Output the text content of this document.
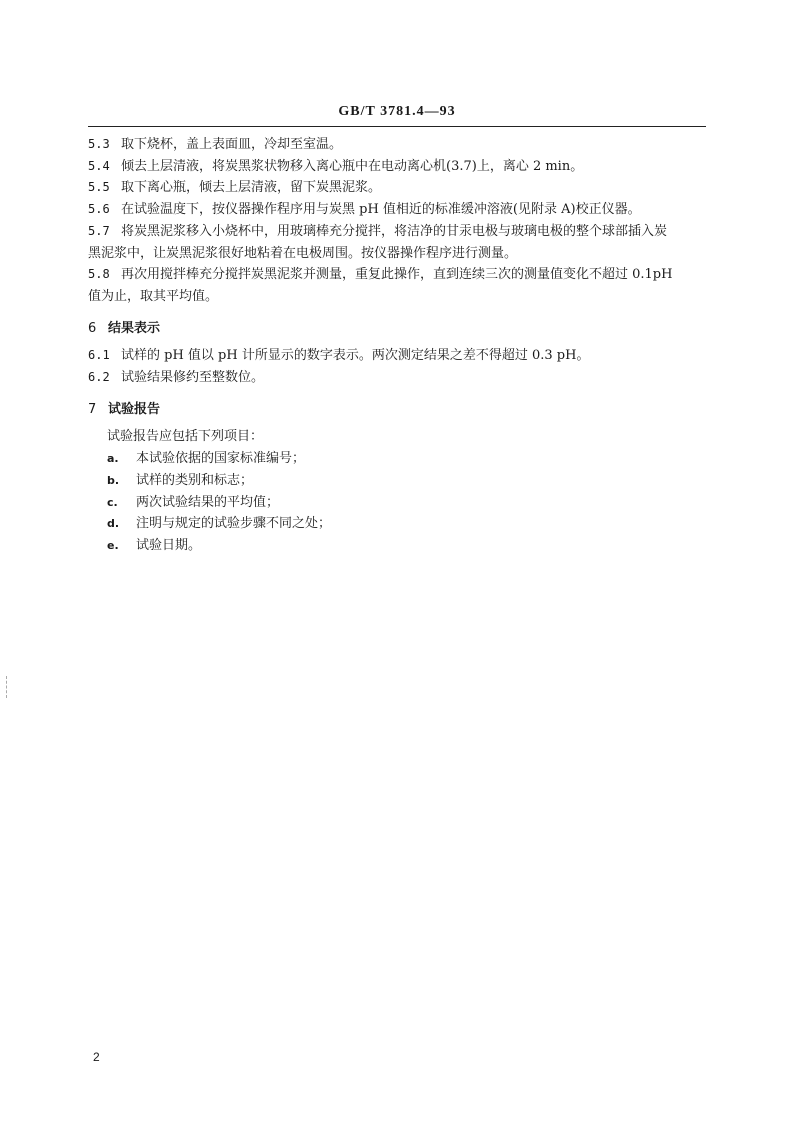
GB/T 3781.4—93

5.3 取下烧杯，盖上表面皿，冷却至室温。

5.4 倾去上层清液，将炭黑浆状物移入离心瓶中在电动离心机(3.7)上，离心 2 min。

5.5 取下离心瓶，倾去上层清液，留下炭黑泥浆。

5.6 在试验温度下，按仪器操作程序用与炭黑 pH 值相近的标准缓冲溶液(见附录 A)校正仪器。

5.7 将炭黑泥浆移入小烧杯中，用玻璃棒充分搅拌，将洁净的甘汞电极与玻璃电极的整个球部插入炭

黑泥浆中，让炭黑泥浆很好地粘着在电极周围。按仪器操作程序进行测量。

5.8 再次用搅拌棒充分搅拌炭黑泥浆并测量，重复此操作，直到连续三次的测量值变化不超过 0.1pH

值为止，取其平均值。

6 结果表示

6.1 试样的 pH 值以 pH 计所显示的数字表示。两次测定结果之差不得超过 0.3 pH。

6.2 试验结果修约至整数位。

7 试验报告

试验报告应包括下列项目：

a. 本试验依据的国家标准编号；

b. 试样的类别和标志；

c. 两次试验结果的平均值；

d. 注明与规定的试验步骤不同之处；

e. 试验日期。

2
